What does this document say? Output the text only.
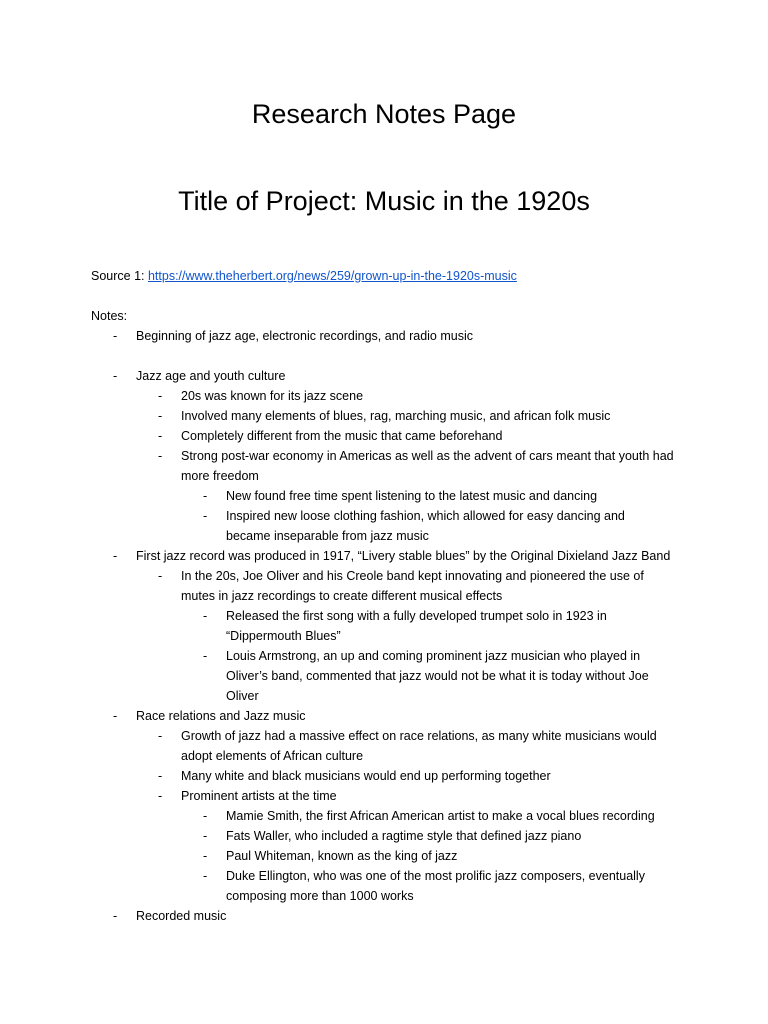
Research Notes Page
Title of Project: Music in the 1920s
Source 1: https://www.theherbert.org/news/259/grown-up-in-the-1920s-music
Notes:
- Beginning of jazz age, electronic recordings, and radio music
- Jazz age and youth culture
- 20s was known for its jazz scene
- Involved many elements of blues, rag, marching music, and african folk music
- Completely different from the music that came beforehand
- Strong post-war economy in Americas as well as the advent of cars meant that youth had more freedom
- New found free time spent listening to the latest music and dancing
- Inspired new loose clothing fashion, which allowed for easy dancing and became inseparable from jazz music
- First jazz record was produced in 1917, “Livery stable blues” by the Original Dixieland Jazz Band
- In the 20s, Joe Oliver and his Creole band kept innovating and pioneered the use of mutes in jazz recordings to create different musical effects
- Released the first song with a fully developed trumpet solo in 1923 in “Dippermouth Blues”
- Louis Armstrong, an up and coming prominent jazz musician who played in Oliver’s band, commented that jazz would not be what it is today without Joe Oliver
- Race relations and Jazz music
- Growth of jazz had a massive effect on race relations, as many white musicians would adopt elements of African culture
- Many white and black musicians would end up performing together
- Prominent artists at the time
- Mamie Smith, the first African American artist to make a vocal blues recording
- Fats Waller, who included a ragtime style that defined jazz piano
- Paul Whiteman, known as the king of jazz
- Duke Ellington, who was one of the most prolific jazz composers, eventually composing more than 1000 works
- Recorded music
